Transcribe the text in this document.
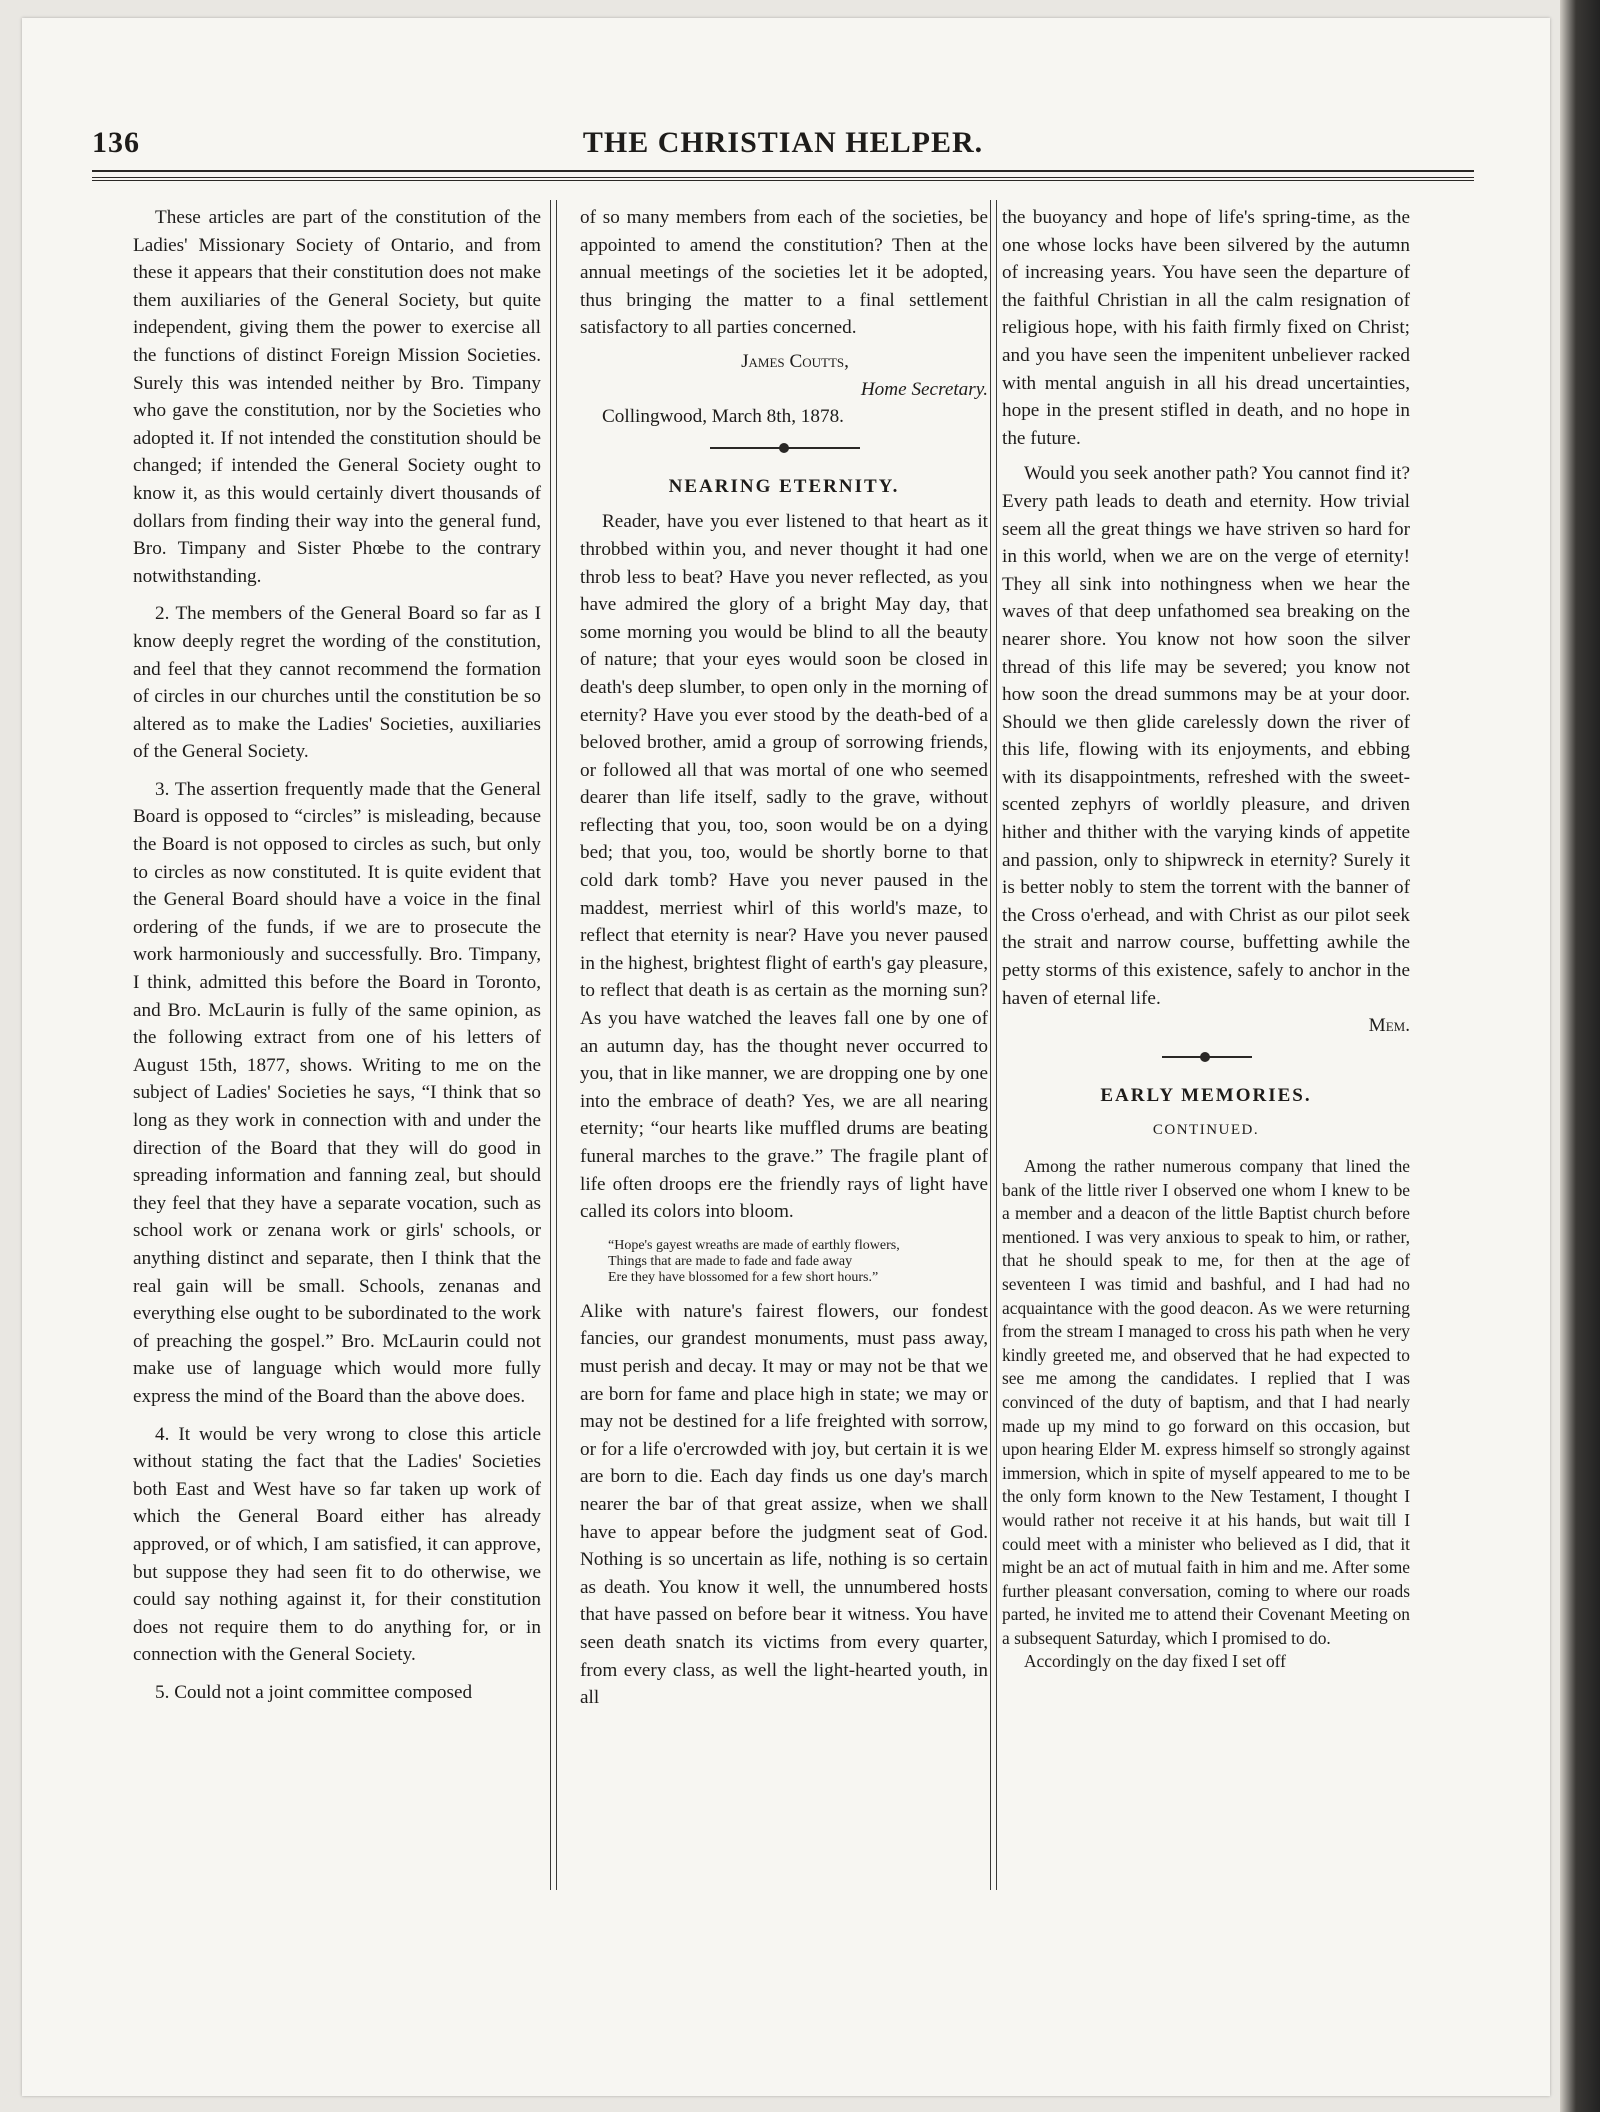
136	THE CHRISTIAN HELPER.

These articles are part of the constitution of the Ladies' Missionary Society of Ontario, and from these it appears that their constitution does not make them auxiliaries of the General Society, but quite independent, giving them the power to exercise all the functions of distinct Foreign Mission Societies. Surely this was intended neither by Bro. Timpany who gave the constitution, nor by the Societies who adopted it. If not intended the constitution should be changed; if intended the General Society ought to know it, as this would certainly divert thousands of dollars from finding their way into the general fund, Bro. Timpany and Sister Phœbe to the contrary notwithstanding.

2. The members of the General Board so far as I know deeply regret the wording of the constitution, and feel that they cannot recommend the formation of circles in our churches until the constitution be so altered as to make the Ladies' Societies, auxiliaries of the General Society.

3. The assertion frequently made that the General Board is opposed to “circles” is misleading, because the Board is not opposed to circles as such, but only to circles as now constituted. It is quite evident that the General Board should have a voice in the final ordering of the funds, if we are to prosecute the work harmoniously and successfully. Bro. Timpany, I think, admitted this before the Board in Toronto, and Bro. McLaurin is fully of the same opinion, as the following extract from one of his letters of August 15th, 1877, shows. Writing to me on the subject of Ladies' Societies he says, “I think that so long as they work in connection with and under the direction of the Board that they will do good in spreading information and fanning zeal, but should they feel that they have a separate vocation, such as school work or zenana work or girls' schools, or anything distinct and separate, then I think that the real gain will be small. Schools, zenanas and everything else ought to be subordinated to the work of preaching the gospel.” Bro. McLaurin could not make use of language which would more fully express the mind of the Board than the above does.

4. It would be very wrong to close this article without stating the fact that the Ladies' Societies both East and West have so far taken up work of which the General Board either has already approved, or of which, I am satisfied, it can approve, but suppose they had seen fit to do otherwise, we could say nothing against it, for their constitution does not require them to do anything for, or in connection with the General Society.

5. Could not a joint committee composed

of so many members from each of the societies, be appointed to amend the constitution? Then at the annual meetings of the societies let it be adopted, thus bringing the matter to a final settlement satisfactory to all parties concerned.

James Coutts,

Home Secretary.

Collingwood, March 8th, 1878.

NEARING ETERNITY.

Reader, have you ever listened to that heart as it throbbed within you, and never thought it had one throb less to beat? Have you never reflected, as you have admired the glory of a bright May day, that some morning you would be blind to all the beauty of nature; that your eyes would soon be closed in death's deep slumber, to open only in the morning of eternity? Have you ever stood by the death-bed of a beloved brother, amid a group of sorrowing friends, or followed all that was mortal of one who seemed dearer than life itself, sadly to the grave, without reflecting that you, too, soon would be on a dying bed; that you, too, would be shortly borne to that cold dark tomb? Have you never paused in the maddest, merriest whirl of this world's maze, to reflect that eternity is near? Have you never paused in the highest, brightest flight of earth's gay pleasure, to reflect that death is as certain as the morning sun? As you have watched the leaves fall one by one of an autumn day, has the thought never occurred to you, that in like manner, we are dropping one by one into the embrace of death? Yes, we are all nearing eternity; “our hearts like muffled drums are beating funeral marches to the grave.” The fragile plant of life often droops ere the friendly rays of light have called its colors into bloom.

“Hope's gayest wreaths are made of earthly flowers,
Things that are made to fade and fade away
Ere they have blossomed for a few short hours.”

Alike with nature's fairest flowers, our fondest fancies, our grandest monuments, must pass away, must perish and decay. It may or may not be that we are born for fame and place high in state; we may or may not be destined for a life freighted with sorrow, or for a life o'ercrowded with joy, but certain it is we are born to die. Each day finds us one day's march nearer the bar of that great assize, when we shall have to appear before the judgment seat of God. Nothing is so uncertain as life, nothing is so certain as death. You know it well, the unnumbered hosts that have passed on before bear it witness. You have seen death snatch its victims from every quarter, from every class, as well the light-hearted youth, in all

the buoyancy and hope of life's spring-time, as the one whose locks have been silvered by the autumn of increasing years. You have seen the departure of the faithful Christian in all the calm resignation of religious hope, with his faith firmly fixed on Christ; and you have seen the impenitent unbeliever racked with mental anguish in all his dread uncertainties, hope in the present stifled in death, and no hope in the future.

Would you seek another path? You cannot find it? Every path leads to death and eternity. How trivial seem all the great things we have striven so hard for in this world, when we are on the verge of eternity! They all sink into nothingness when we hear the waves of that deep unfathomed sea breaking on the nearer shore. You know not how soon the silver thread of this life may be severed; you know not how soon the dread summons may be at your door. Should we then glide carelessly down the river of this life, flowing with its enjoyments, and ebbing with its disappointments, refreshed with the sweet-scented zephyrs of worldly pleasure, and driven hither and thither with the varying kinds of appetite and passion, only to shipwreck in eternity? Surely it is better nobly to stem the torrent with the banner of the Cross o'erhead, and with Christ as our pilot seek the strait and narrow course, buffetting awhile the petty storms of this existence, safely to anchor in the haven of eternal life.

Mem.

EARLY MEMORIES.
CONTINUED.

Among the rather numerous company that lined the bank of the little river I observed one whom I knew to be a member and a deacon of the little Baptist church before mentioned. I was very anxious to speak to him, or rather, that he should speak to me, for then at the age of seventeen I was timid and bashful, and I had had no acquaintance with the good deacon. As we were returning from the stream I managed to cross his path when he very kindly greeted me, and observed that he had expected to see me among the candidates. I replied that I was convinced of the duty of baptism, and that I had nearly made up my mind to go forward on this occasion, but upon hearing Elder M. express himself so strongly against immersion, which in spite of myself appeared to me to be the only form known to the New Testament, I thought I would rather not receive it at his hands, but wait till I could meet with a minister who believed as I did, that it might be an act of mutual faith in him and me. After some further pleasant conversation, coming to where our roads parted, he invited me to attend their Covenant Meeting on a subsequent Saturday, which I promised to do.

Accordingly on the day fixed I set off
